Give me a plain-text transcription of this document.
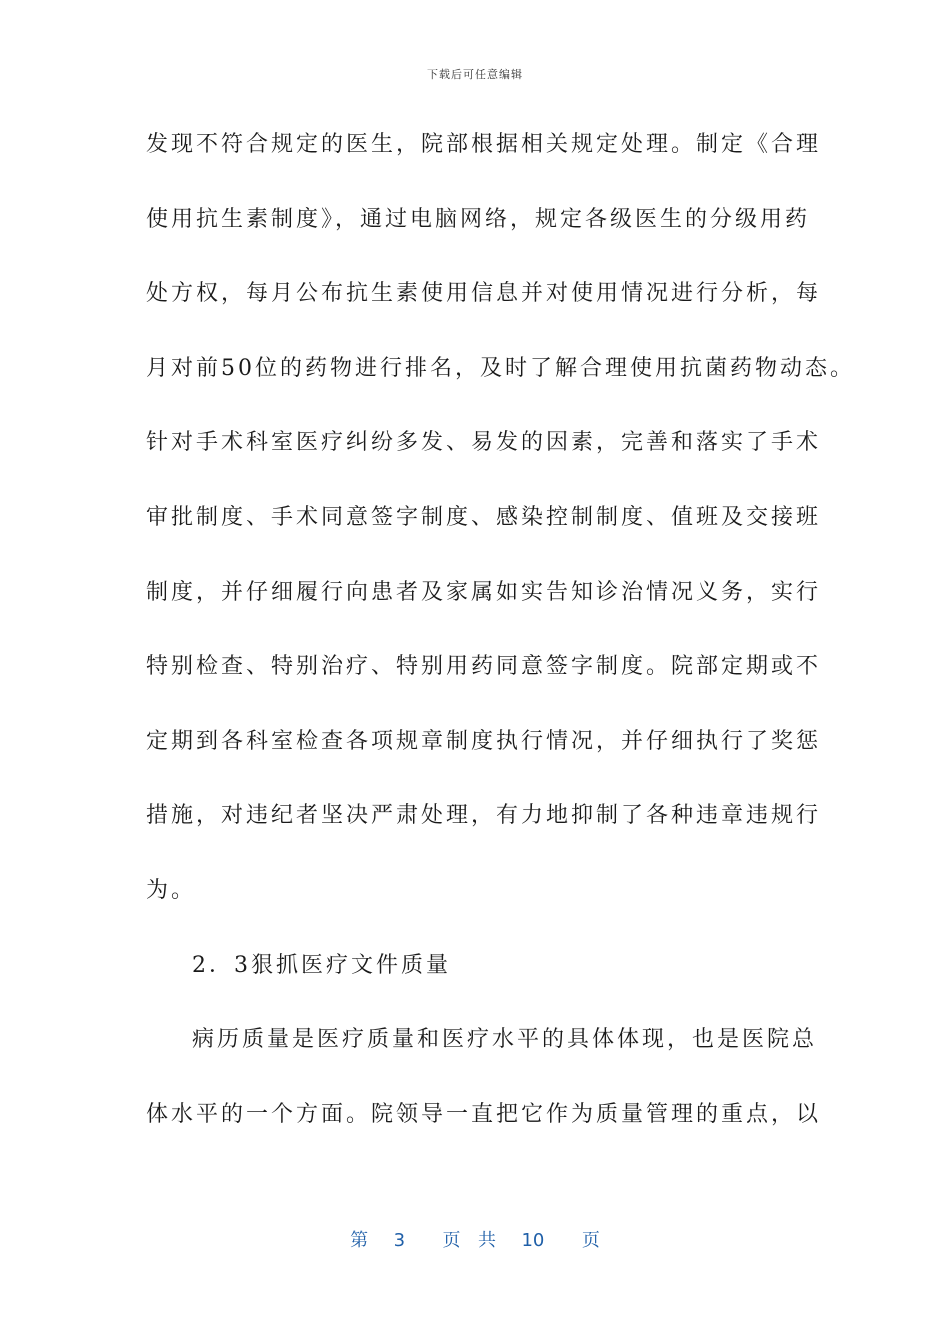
下载后可任意编辑
发现不符合规定的医生，院部根据相关规定处理。制定《合理
使用抗生素制度》，通过电脑网络，规定各级医生的分级用药
处方权，每月公布抗生素使用信息并对使用情况进行分析，每
月对前50位的药物进行排名，及时了解合理使用抗菌药物动态。
针对手术科室医疗纠纷多发、易发的因素，完善和落实了手术
审批制度、手术同意签字制度、感染控制制度、值班及交接班
制度，并仔细履行向患者及家属如实告知诊治情况义务，实行
特别检查、特别治疗、特别用药同意签字制度。院部定期或不
定期到各科室检查各项规章制度执行情况，并仔细执行了奖惩
措施，对违纪者坚决严肃处理，有力地抑制了各种违章违规行
为。
2．3狠抓医疗文件质量
病历质量是医疗质量和医疗水平的具体体现，也是医院总
体水平的一个方面。院领导一直把它作为质量管理的重点，以
第 3 页 共 10 页
